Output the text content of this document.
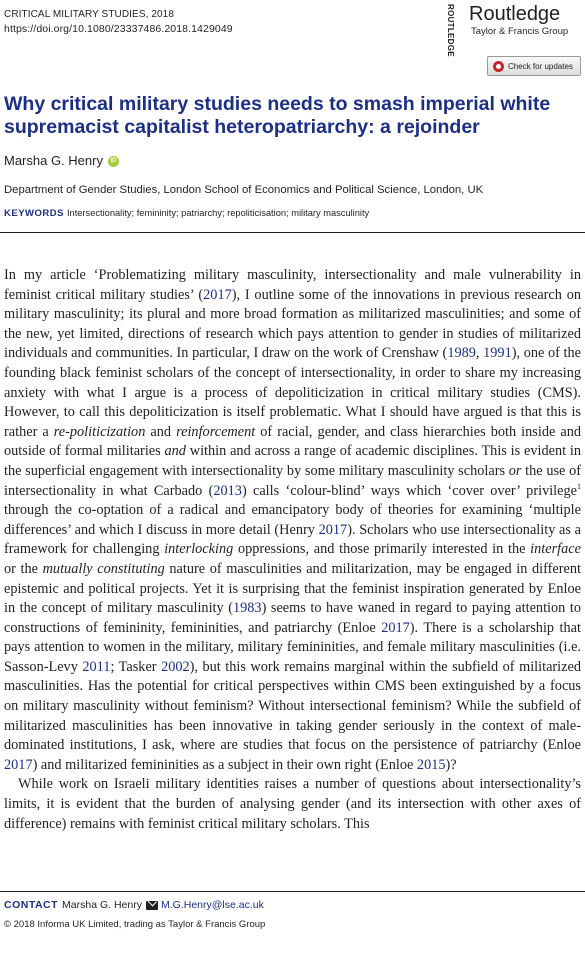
CRITICAL MILITARY STUDIES, 2018
https://doi.org/10.1080/23337486.2018.1429049	ROUTLEDGE Routledge
Taylor & Francis Group
Check for updates
Why critical military studies needs to smash imperial white supremacist capitalist heteropatriarchy: a rejoinder
Marsha G. Henry iD
Department of Gender Studies, London School of Economics and Political Science, London, UK
KEYWORDS Intersectionality; femininity; patriarchy; repoliticisation; military masculinity

In my article ‘Problematizing military masculinity, intersectionality and male vulnerability in feminist critical military studies’ (2017), I outline some of the innovations in previous research on military masculinity; its plural and more broad formation as militarized masculinities; and some of the new, yet limited, directions of research which pays attention to gender in studies of militarized individuals and communities. In particular, I draw on the work of Crenshaw (1989, 1991), one of the founding black feminist scholars of the concept of intersectionality, in order to share my increasing anxiety with what I argue is a process of depoliticization in critical military studies (CMS). However, to call this depoliticization is itself problematic. What I should have argued is that this is rather a re-politicization and reinforcement of racial, gender, and class hierarchies both inside and outside of formal militaries and within and across a range of academic disciplines. This is evident in the superficial engagement with intersectionality by some military masculinity scholars or the use of intersectionality in what Carbado (2013) calls ‘colour-blind’ ways which ‘cover over’ privilege$^1$ through the co-optation of a radical and emancipatory body of theories for examining ‘multiple differences’ and which I discuss in more detail (Henry 2017). Scholars who use intersectionality as a framework for challenging interlocking oppressions, and those primarily interested in the interface or the mutually constituting nature of masculinities and militarization, may be engaged in different epistemic and political projects. Yet it is surprising that the feminist inspiration generated by Enloe in the concept of military masculinity (1983) seems to have waned in regard to paying attention to constructions of femininity, femininities, and patriarchy (Enloe 2017). There is a scholarship that pays attention to women in the military, military femininities, and female military masculinities (i.e. Sasson-Levy 2011; Tasker 2002), but this work remains marginal within the subfield of militarized masculinities. Has the potential for critical perspectives within CMS been extinguished by a focus on military masculinity without feminism? Without intersectional feminism? While the subfield of militarized masculinities has been innovative in taking gender seriously in the context of male-dominated institutions, I ask, where are studies that focus on the persistence of patriarchy (Enloe 2017) and militarized femininities as a subject in their own right (Enloe 2015)?

While work on Israeli military identities raises a number of questions about intersectionality’s limits, it is evident that the burden of analysing gender (and its intersection with other axes of difference) remains with feminist critical military scholars. This

CONTACT Marsha G. Henry M.G.Henry@lse.ac.uk
© 2018 Informa UK Limited, trading as Taylor & Francis Group
